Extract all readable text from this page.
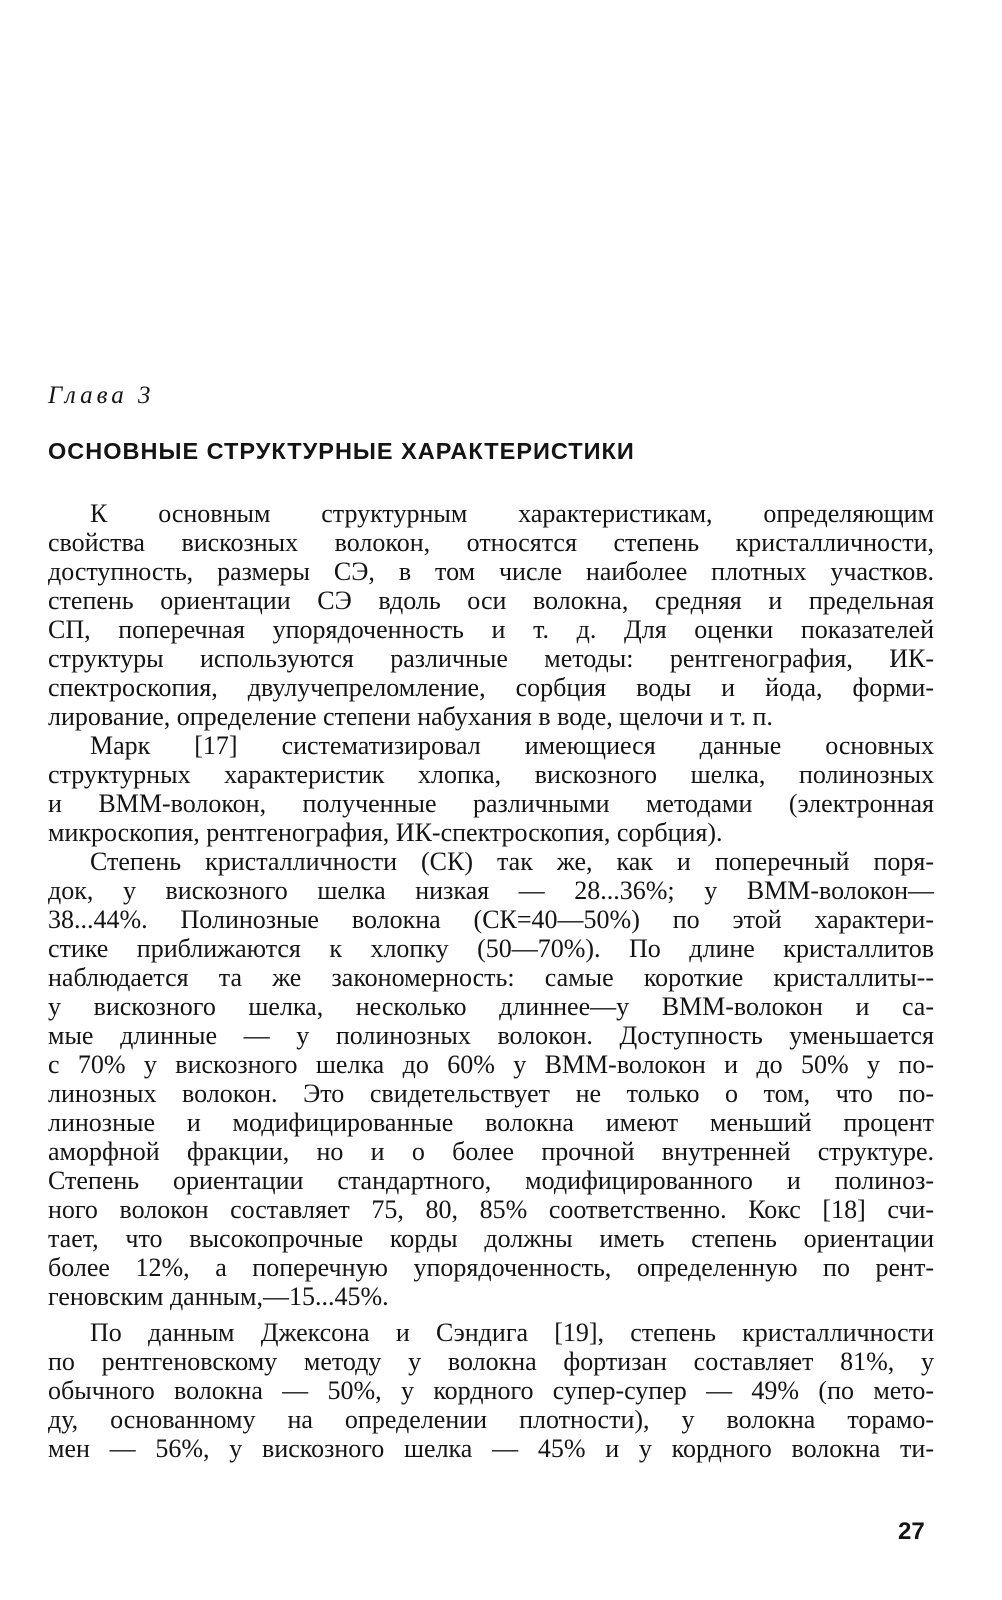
Глава 3
ОСНОВНЫЕ СТРУКТУРНЫЕ ХАРАКТЕРИСТИКИ
К основным структурным характеристикам, определяющим
свойства вискозных волокон, относятся степень кристалличности,
доступность, размеры СЭ, в том числе наиболее плотных участков.
степень ориентации СЭ вдоль оси волокна, средняя и предельная
СП, поперечная упорядоченность и т. д. Для оценки показателей
структуры используются различные методы: рентгенография, ИК-
спектроскопия, двулучепреломление, сорбция воды и йода, форми-
лирование, определение степени набухания в воде, щелочи и т. п.
Марк [17] систематизировал имеющиеся данные основных
структурных характеристик хлопка, вискозного шелка, полинозных
и ВММ-волокон, полученные различными методами (электронная
микроскопия, рентгенография, ИК-спектроскопия, сорбция).
Степень кристалличности (СК) так же, как и поперечный поря-
док, у вискозного шелка низкая — 28...36%; у ВММ-волокон—
38...44%. Полинозные волокна (СК=40—50%) по этой характери-
стике приближаются к хлопку (50—70%). По длине кристаллитов
наблюдается та же закономерность: самые короткие кристаллиты--
у вискозного шелка, несколько длиннее—у ВММ-волокон и са-
мые длинные — у полинозных волокон. Доступность уменьшается
с 70% у вискозного шелка до 60% у ВММ-волокон и до 50% у по-
линозных волокон. Это свидетельствует не только о том, что по-
линозные и модифицированные волокна имеют меньший процент
аморфной фракции, но и о более прочной внутренней структуре.
Степень ориентации стандартного, модифицированного и полиноз-
ного волокон составляет 75, 80, 85% соответственно. Кокс [18] счи-
тает, что высокопрочные корды должны иметь степень ориентации
более 12%, а поперечную упорядоченность, определенную по рент-
геновским данным,—15...45%.
По данным Джексона и Сэндига [19], степень кристалличности
по рентгеновскому методу у волокна фортизан составляет 81%, у
обычного волокна — 50%, у кордного супер-супер — 49% (по мето-
ду, основанному на определении плотности), у волокна торамо-
мен — 56%, у вискозного шелка — 45% и у кордного волокна ти-
27
